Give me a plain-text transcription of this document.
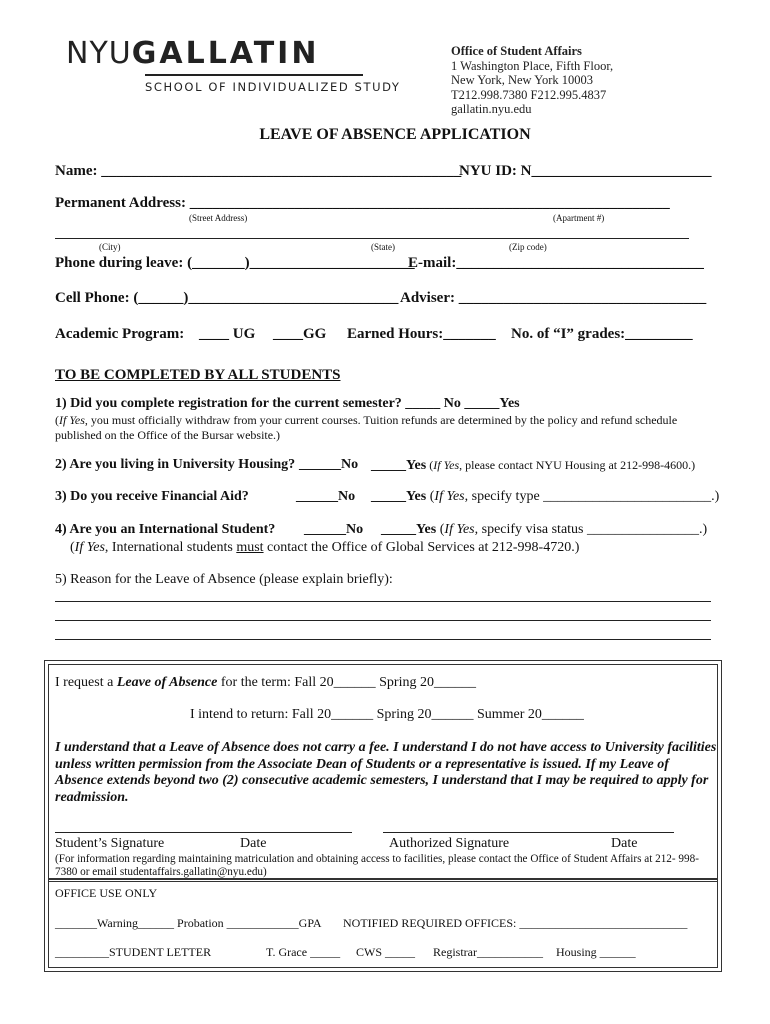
NYUGALLATIN
SCHOOL OF INDIVIDUALIZED STUDY
Office of Student Affairs
1 Washington Place, Fifth Floor,
New York, New York 10003
T212.998.7380 F212.995.4837
gallatin.nyu.edu
LEAVE OF ABSENCE APPLICATION
Name: ________________________________________________
NYU ID: N________________________
Permanent Address: ________________________________________________________________
(Street Address)	(Apartment #)
(City)	(State)	(Zip code)
Phone during leave: (_______)______________________
E-mail:_________________________________
Cell Phone: (______)____________________________ Adviser: _________________________________
Academic Program: ____ UG ____GG Earned Hours:_______ No. of “I” grades:_________
TO BE COMPLETED BY ALL STUDENTS
1) Did you complete registration for the current semester? _____ No _____Yes
(If Yes, you must officially withdraw from your current courses. Tuition refunds are determined by the policy and refund schedule
published on the Office of the Bursar website.)
2) Are you living in University Housing? ______No _____Yes (If Yes, please contact NYU Housing at 212-998-4600.)
3) Do you receive Financial Aid?	______No _____Yes (If Yes, specify type ________________________.)
4) Are you an International Student? ______No _____Yes (If Yes, specify visa status ________________.)
(If Yes, International students must contact the Office of Global Services at 212-998-4720.)
5) Reason for the Leave of Absence (please explain briefly):
I request a Leave of Absence for the term: Fall 20______ Spring 20______
I intend to return: Fall 20______ Spring 20______ Summer 20______
I understand that a Leave of Absence does not carry a fee. I understand I do not have access to University facilities
unless written permission from the Associate Dean of Students or a representative is issued. If my Leave of
Absence extends beyond two (2) consecutive academic semesters, I understand that I may be required to apply for
readmission.
Student’s Signature	Date	Authorized Signature	Date
(For information regarding maintaining matriculation and obtaining access to facilities, please contact the Office of Student Affairs at 212- 998-
7380 or email studentaffairs.gallatin@nyu.edu)
OFFICE USE ONLY
_______Warning______ Probation ____________GPA NOTIFIED REQUIRED OFFICES: ____________________________
_________STUDENT LETTER	T. Grace _____ CWS _____ Registrar___________ Housing ______
